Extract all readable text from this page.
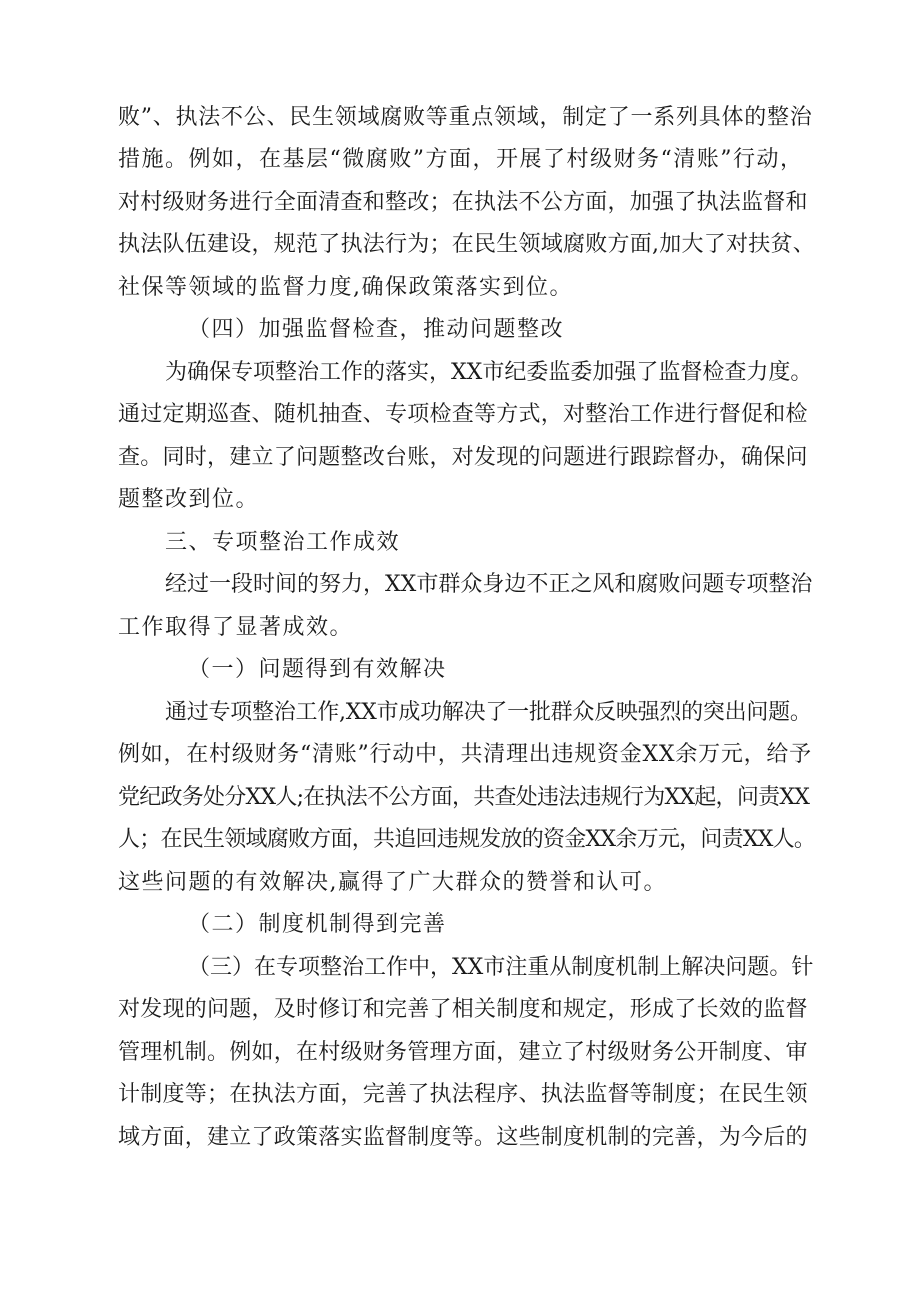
败”、执法不公、民生领域腐败等重点领域，制定了一系列具体的整治
措施。例如，在基层“微腐败”方面，开展了村级财务“清账”行动，
对村级财务进行全面清查和整改；在执法不公方面，加强了执法监督和
执法队伍建设，规范了执法行为；在民生领域腐败方面,加大了对扶贫、
社保等领域的监督力度,确保政策落实到位。
（四）加强监督检查，推动问题整改
为确保专项整治工作的落实，XX市纪委监委加强了监督检查力度。
通过定期巡查、随机抽查、专项检查等方式，对整治工作进行督促和检
查。同时，建立了问题整改台账，对发现的问题进行跟踪督办，确保问
题整改到位。
三、专项整治工作成效
经过一段时间的努力，XX市群众身边不正之风和腐败问题专项整治
工作取得了显著成效。
（一）问题得到有效解决
通过专项整治工作,XX市成功解决了一批群众反映强烈的突出问题。
例如，在村级财务“清账”行动中，共清理出违规资金XX余万元，给予
党纪政务处分XX人;在执法不公方面，共查处违法违规行为XX起，问责XX
人；在民生领域腐败方面，共追回违规发放的资金XX余万元，问责XX人。
这些问题的有效解决,赢得了广大群众的赞誉和认可。
（二）制度机制得到完善
（三）在专项整治工作中，XX市注重从制度机制上解决问题。针
对发现的问题，及时修订和完善了相关制度和规定，形成了长效的监督
管理机制。例如，在村级财务管理方面，建立了村级财务公开制度、审
计制度等；在执法方面，完善了执法程序、执法监督等制度；在民生领
域方面，建立了政策落实监督制度等。这些制度机制的完善，为今后的
